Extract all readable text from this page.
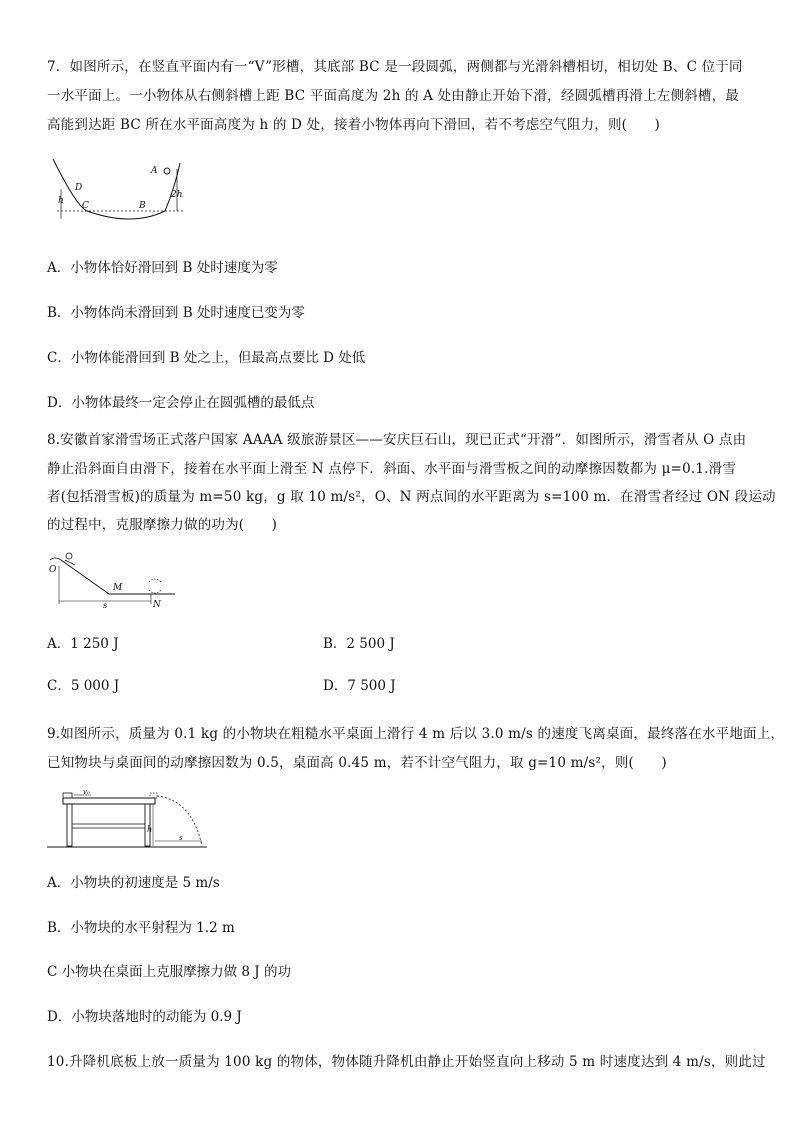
7．如图所示，在竖直平面内有一“V”形槽，其底部 BC 是一段圆弧，两侧都与光滑斜槽相切，相切处 B、C 位于同
一水平面上。一小物体从右侧斜槽上距 BC 平面高度为 2h 的 A 处由静止开始下滑，经圆弧槽再滑上左侧斜槽，最
高能到达距 BC 所在水平面高度为 h 的 D 处，接着小物体再向下滑回，若不考虑空气阻力，则(　　)
D
h C	B
A
2h
A．小物体恰好滑回到 B 处时速度为零
B．小物体尚未滑回到 B 处时速度已变为零
C．小物体能滑回到 B 处之上，但最高点要比 D 处低
D．小物体最终一定会停止在圆弧槽的最低点
8.安徽首家滑雪场正式落户国家 AAAA 级旅游景区——安庆巨石山，现已正式“开滑”．如图所示，滑雪者从 O 点由
静止沿斜面自由滑下，接着在水平面上滑至 N 点停下．斜面、水平面与滑雪板之间的动摩擦因数都为 μ=0.1.滑雪
者(包括滑雪板)的质量为 m=50 kg，g 取 10 m/s²，O、N 两点间的水平距离为 s=100 m．在滑雪者经过 ON 段运动
的过程中，克服摩擦力做的功为(　　)
O
M
N
s
A．1 250 J	B．2 500 J
C．5 000 J	D．7 500 J
9.如图所示，质量为 0.1 kg 的小物块在粗糙水平桌面上滑行 4 m 后以 3.0 m/s 的速度飞离桌面，最终落在水平地面上，
已知物块与桌面间的动摩擦因数为 0.5，桌面高 0.45 m，若不计空气阻力，取 g=10 m/s²，则(　　)
v₀
h
s
A．小物块的初速度是 5 m/s
B．小物块的水平射程为 1.2 m
C 小物块在桌面上克服摩擦力做 8 J 的功
D．小物块落地时的动能为 0.9 J
10.升降机底板上放一质量为 100 kg 的物体，物体随升降机由静止开始竖直向上移动 5 m 时速度达到 4 m/s，则此过
